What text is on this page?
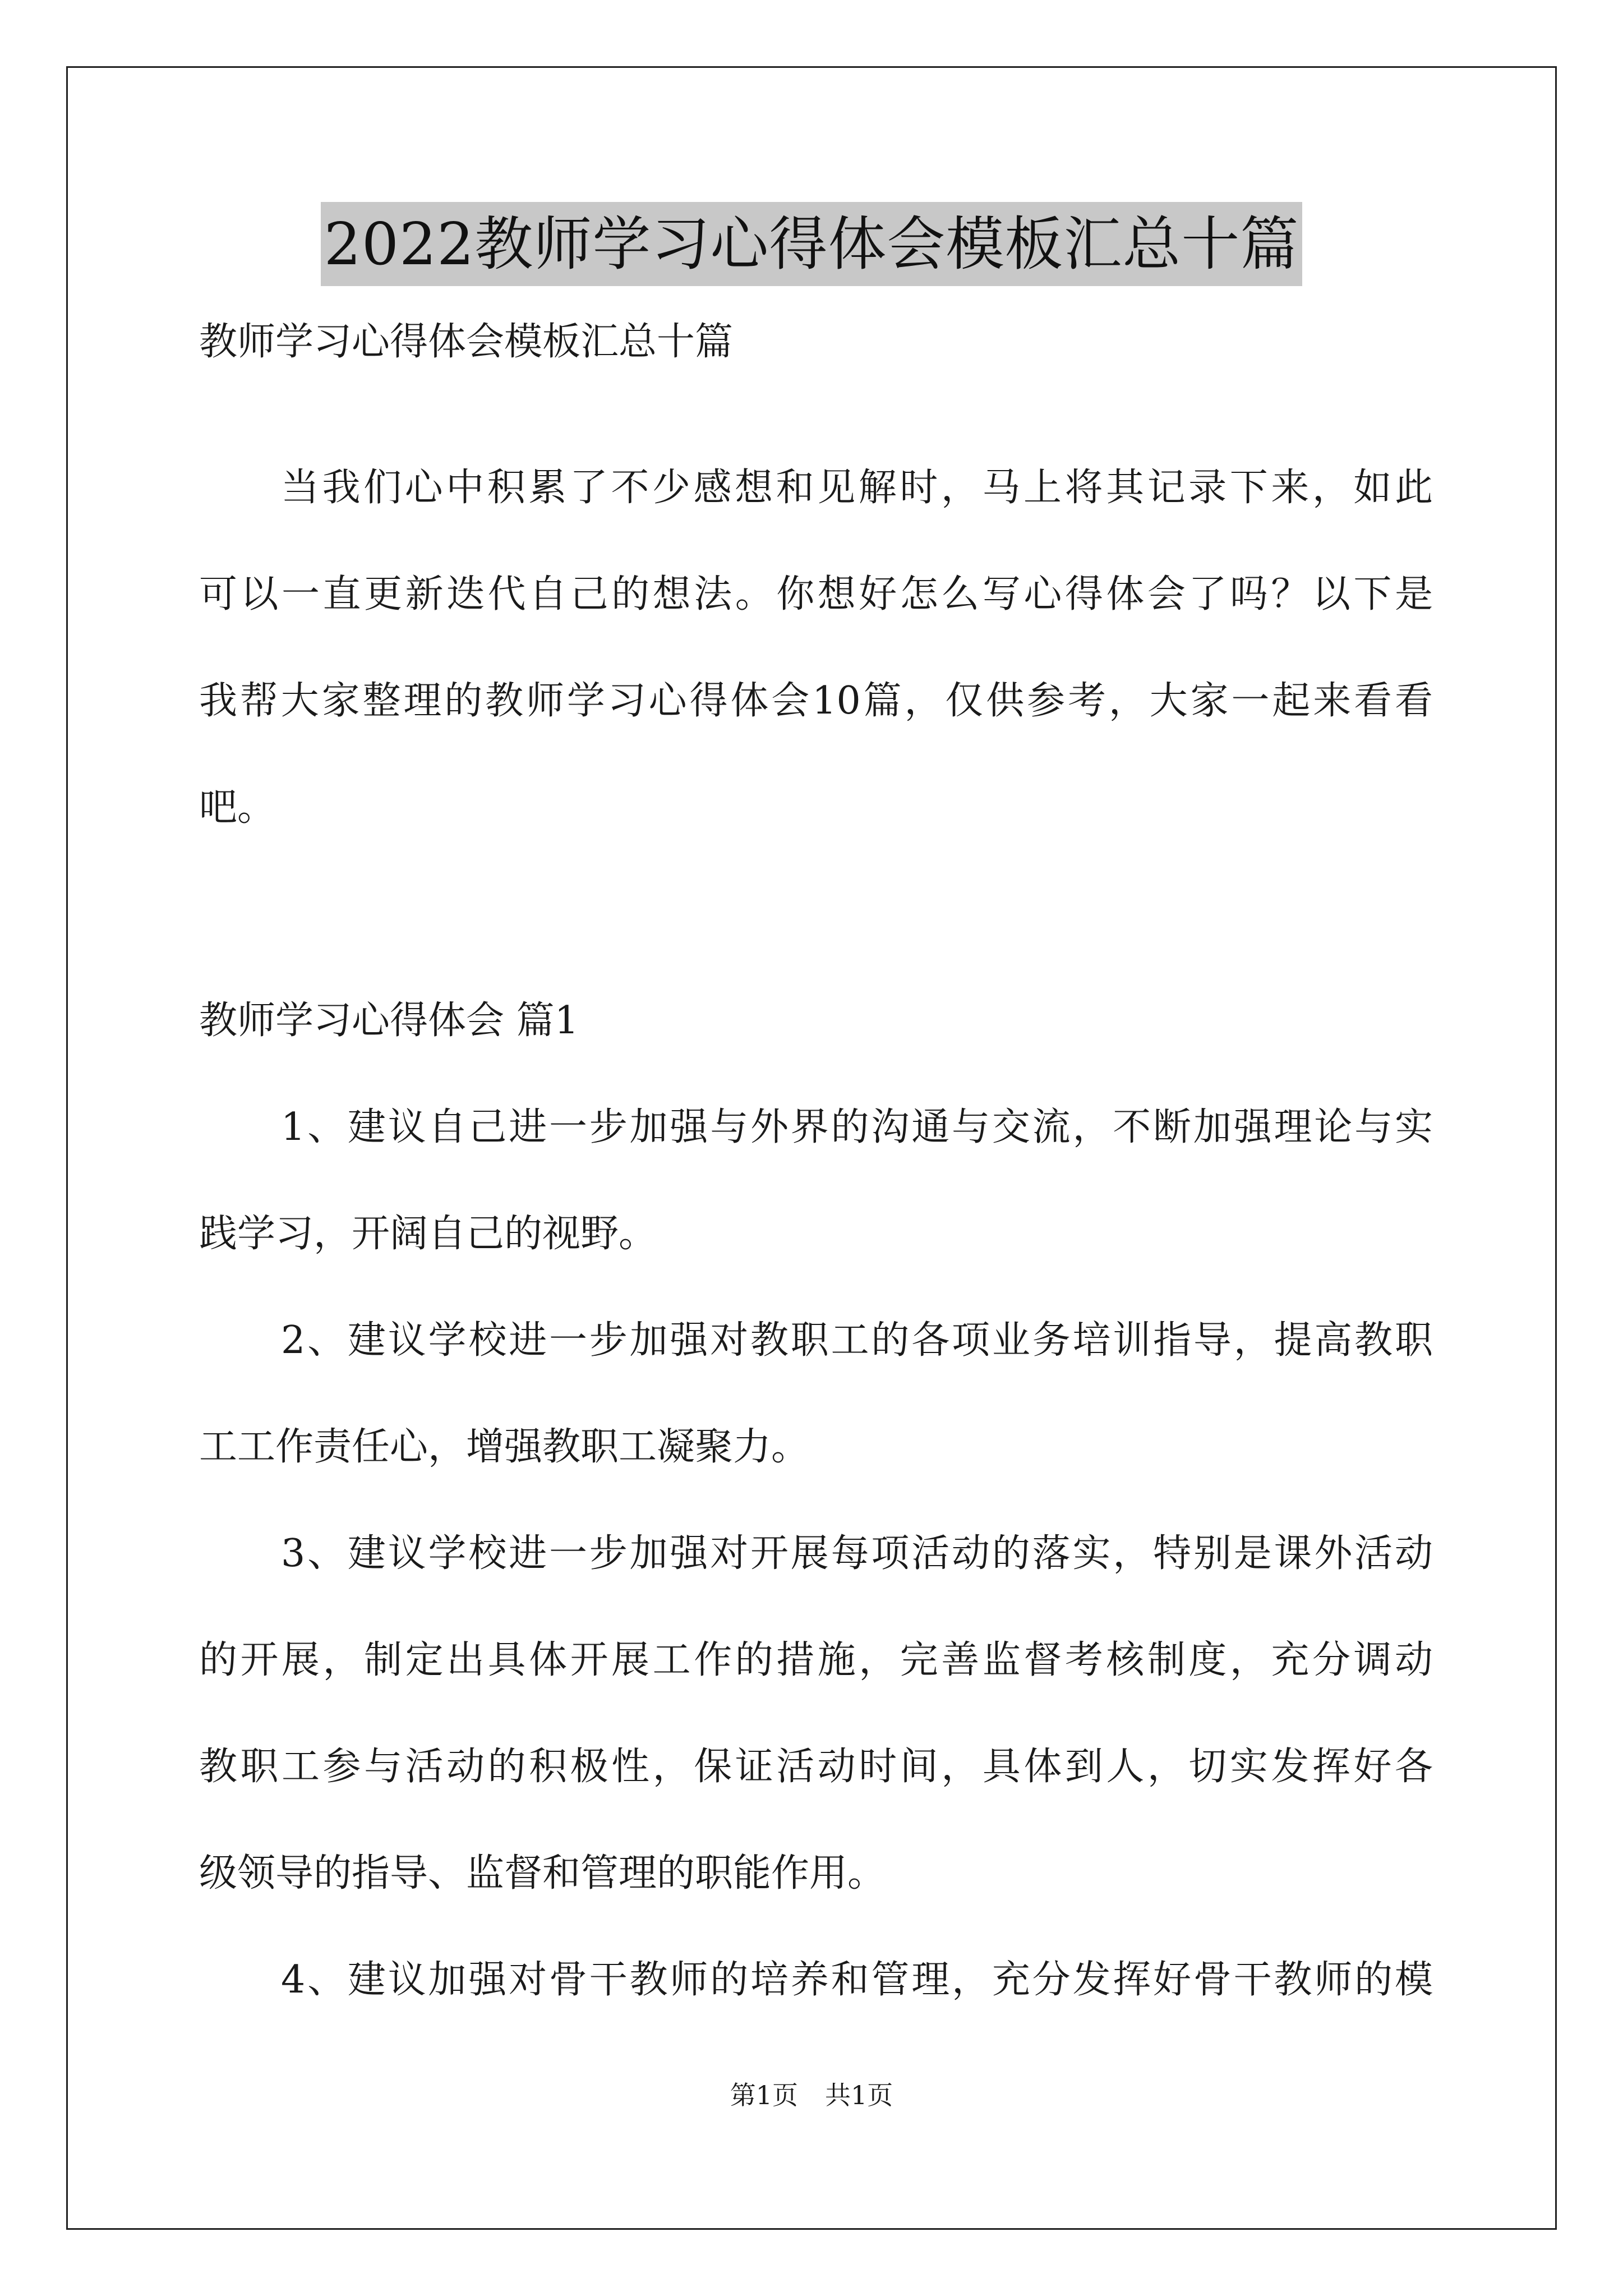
2022教师学习心得体会模板汇总十篇
教师学习心得体会模板汇总十篇
当我们心中积累了不少感想和见解时，马上将其记录下来，如此
可以一直更新迭代自己的想法。你想好怎么写心得体会了吗？以下是
我帮大家整理的教师学习心得体会10篇，仅供参考，大家一起来看看
吧。
教师学习心得体会 篇1
1、建议自己进一步加强与外界的沟通与交流，不断加强理论与实
践学习，开阔自己的视野。
2、建议学校进一步加强对教职工的各项业务培训指导，提高教职
工工作责任心，增强教职工凝聚力。
3、建议学校进一步加强对开展每项活动的落实，特别是课外活动
的开展，制定出具体开展工作的措施，完善监督考核制度，充分调动
教职工参与活动的积极性，保证活动时间，具体到人，切实发挥好各
级领导的指导、监督和管理的职能作用。
4、建议加强对骨干教师的培养和管理，充分发挥好骨干教师的模
第1页 共1页
